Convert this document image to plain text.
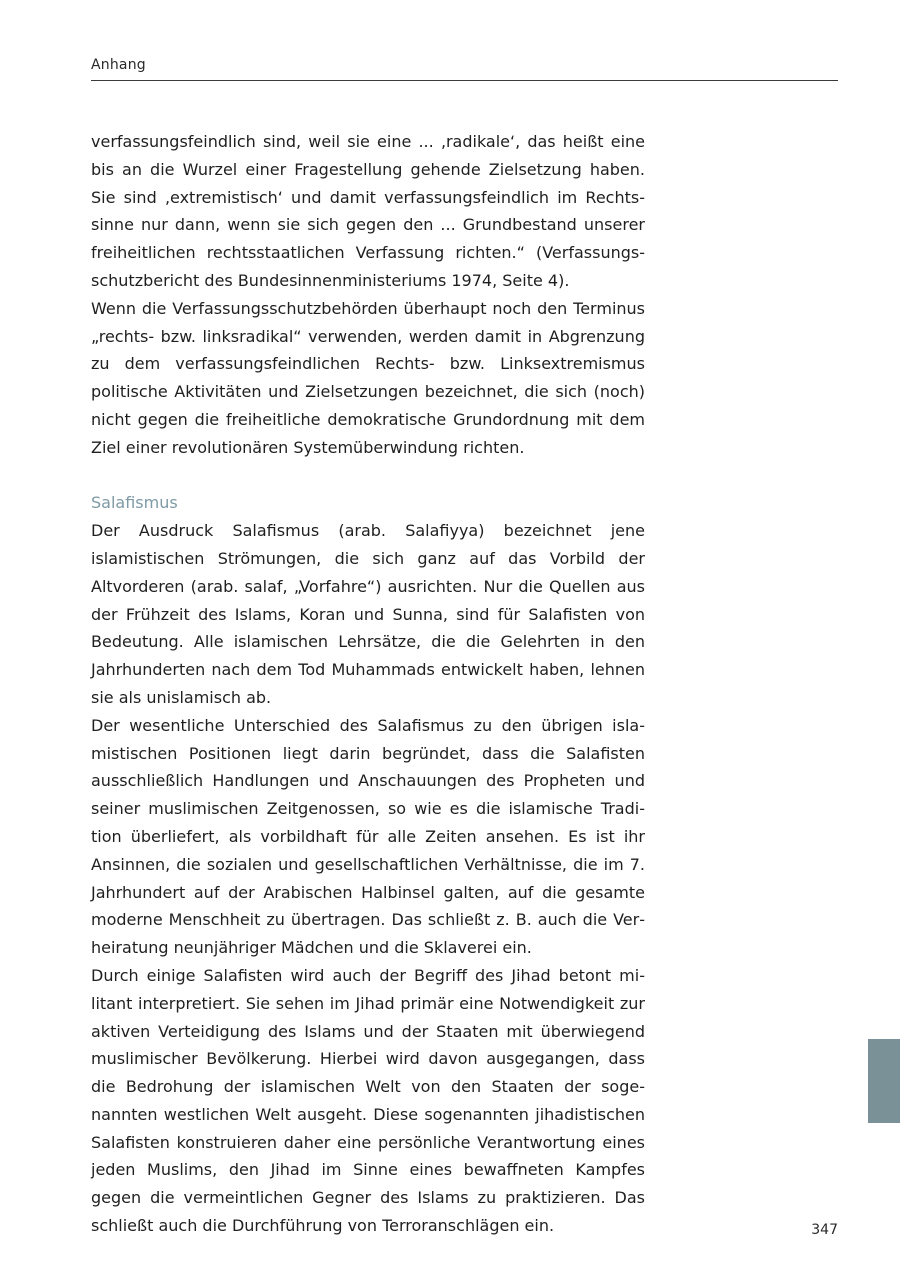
Anhang

verfassungsfeindlich sind, weil sie eine ... ‚radikale‘, das heißt eine bis an die Wurzel einer Fragestellung gehende Zielsetzung haben. Sie sind ‚extremistisch‘ und damit verfassungsfeindlich im Rechtssinne nur dann, wenn sie sich gegen den ... Grundbestand unserer freiheitlichen rechtsstaatlichen Verfassung richten.“ (Verfassungsschutzbericht des Bundesinnenministeriums 1974, Seite 4).

Wenn die Verfassungsschutzbehörden überhaupt noch den Terminus „rechts- bzw. linksradikal“ verwenden, werden damit in Abgrenzung zu dem verfassungsfeindlichen Rechts- bzw. Linksextremismus politische Aktivitäten und Zielsetzungen bezeichnet, die sich (noch) nicht gegen die freiheitliche demokratische Grundordnung mit dem Ziel einer revolutionären Systemüberwindung richten.

Salafismus

Der Ausdruck Salafismus (arab. Salafiyya) bezeichnet jene islamistischen Strömungen, die sich ganz auf das Vorbild der Altvorderen (arab. salaf, „Vorfahre“) ausrichten. Nur die Quellen aus der Frühzeit des Islams, Koran und Sunna, sind für Salafisten von Bedeutung. Alle islamischen Lehrsätze, die die Gelehrten in den Jahrhunderten nach dem Tod Muhammads entwickelt haben, lehnen sie als unislamisch ab.

Der wesentliche Unterschied des Salafismus zu den übrigen islamistischen Positionen liegt darin begründet, dass die Salafisten ausschließlich Handlungen und Anschauungen des Propheten und seiner muslimischen Zeitgenossen, so wie es die islamische Tradition überliefert, als vorbildhaft für alle Zeiten ansehen. Es ist ihr Ansinnen, die sozialen und gesellschaftlichen Verhältnisse, die im 7. Jahrhundert auf der Arabischen Halbinsel galten, auf die gesamte moderne Menschheit zu übertragen. Das schließt z. B. auch die Verheiratung neunjähriger Mädchen und die Sklaverei ein.

Durch einige Salafisten wird auch der Begriff des Jihad betont militant interpretiert. Sie sehen im Jihad primär eine Notwendigkeit zur aktiven Verteidigung des Islams und der Staaten mit überwiegend muslimischer Bevölkerung. Hierbei wird davon ausgegangen, dass die Bedrohung der islamischen Welt von den Staaten der sogenannten westlichen Welt ausgeht. Diese sogenannten jihadistischen Salafisten konstruieren daher eine persönliche Verantwortung eines jeden Muslims, den Jihad im Sinne eines bewaffneten Kampfes gegen die vermeintlichen Gegner des Islams zu praktizieren. Das schließt auch die Durchführung von Terroranschlägen ein.	347
